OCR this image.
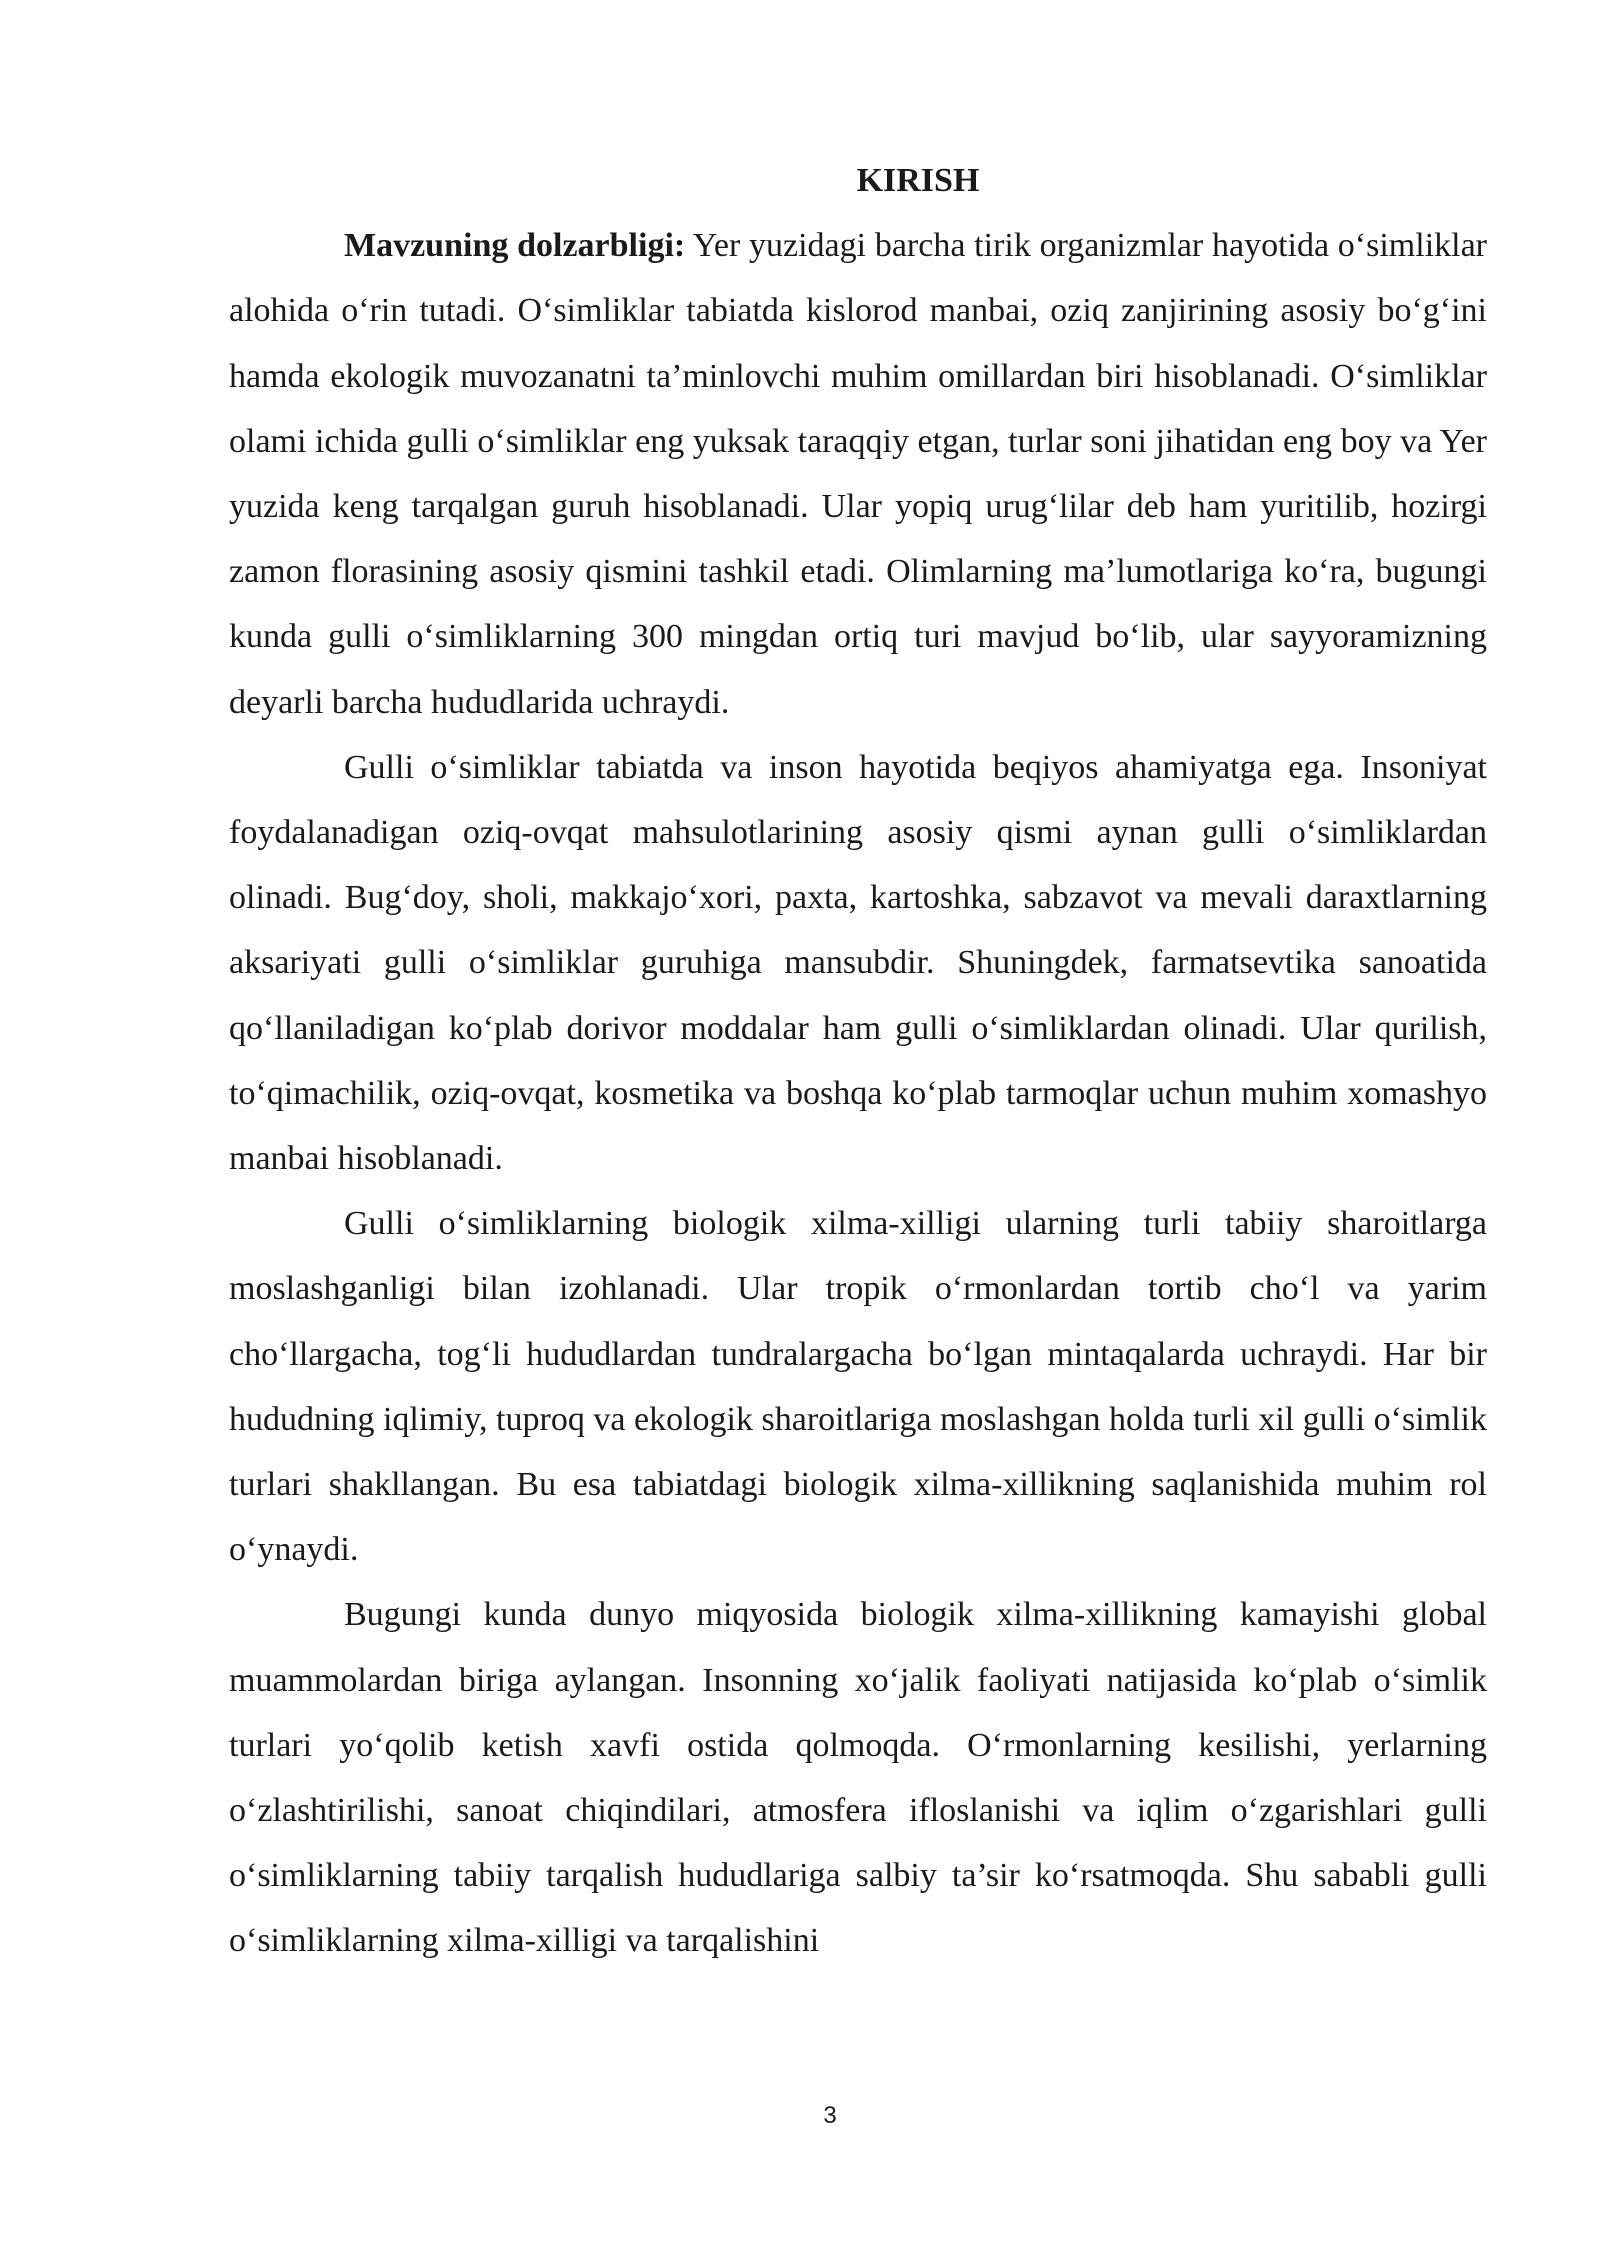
KIRISH

Mavzuning dolzarbligi: Yer yuzidagi barcha tirik organizmlar hayotida o‘simliklar alohida o‘rin tutadi. O‘simliklar tabiatda kislorod manbai, oziq zanjirining asosiy bo‘g‘ini hamda ekologik muvozanatni ta’minlovchi muhim omillardan biri hisoblanadi. O‘simliklar olami ichida gulli o‘simliklar eng yuksak taraqqiy etgan, turlar soni jihatidan eng boy va Yer yuzida keng tarqalgan guruh hisoblanadi. Ular yopiq urug‘lilar deb ham yuritilib, hozirgi zamon florasining asosiy qismini tashkil etadi. Olimlarning ma’lumotlariga ko‘ra, bugungi kunda gulli o‘simliklarning 300 mingdan ortiq turi mavjud bo‘lib, ular sayyoramizning deyarli barcha hududlarida uchraydi.

Gulli o‘simliklar tabiatda va inson hayotida beqiyos ahamiyatga ega. Insoniyat foydalanadigan oziq-ovqat mahsulotlarining asosiy qismi aynan gulli o‘simliklardan olinadi. Bug‘doy, sholi, makkajo‘xori, paxta, kartoshka, sabzavot va mevali daraxtlarning aksariyati gulli o‘simliklar guruhiga mansubdir. Shuningdek, farmatsevtika sanoatida qo‘llaniladigan ko‘plab dorivor moddalar ham gulli o‘simliklardan olinadi. Ular qurilish, to‘qimachilik, oziq-ovqat, kosmetika va boshqa ko‘plab tarmoqlar uchun muhim xomashyo manbai hisoblanadi.

Gulli o‘simliklarning biologik xilma-xilligi ularning turli tabiiy sharoitlarga moslashganligi bilan izohlanadi. Ular tropik o‘rmonlardan tortib cho‘l va yarim cho‘llargacha, tog‘li hududlardan tundralargacha bo‘lgan mintaqalarda uchraydi. Har bir hududning iqlimiy, tuproq va ekologik sharoitlariga moslashgan holda turli xil gulli o‘simlik turlari shakllangan. Bu esa tabiatdagi biologik xilma-xillikning saqlanishida muhim rol o‘ynaydi.

Bugungi kunda dunyo miqyosida biologik xilma-xillikning kamayishi global muammolardan biriga aylangan. Insonning xo‘jalik faoliyati natijasida ko‘plab o‘simlik turlari yo‘qolib ketish xavfi ostida qolmoqda. O‘rmonlarning kesilishi, yerlarning o‘zlashtirilishi, sanoat chiqindilari, atmosfera ifloslanishi va iqlim o‘zgarishlari gulli o‘simliklarning tabiiy tarqalish hududlariga salbiy ta’sir ko‘rsatmoqda. Shu sababli gulli o‘simliklarning xilma-xilligi va tarqalishini

3
